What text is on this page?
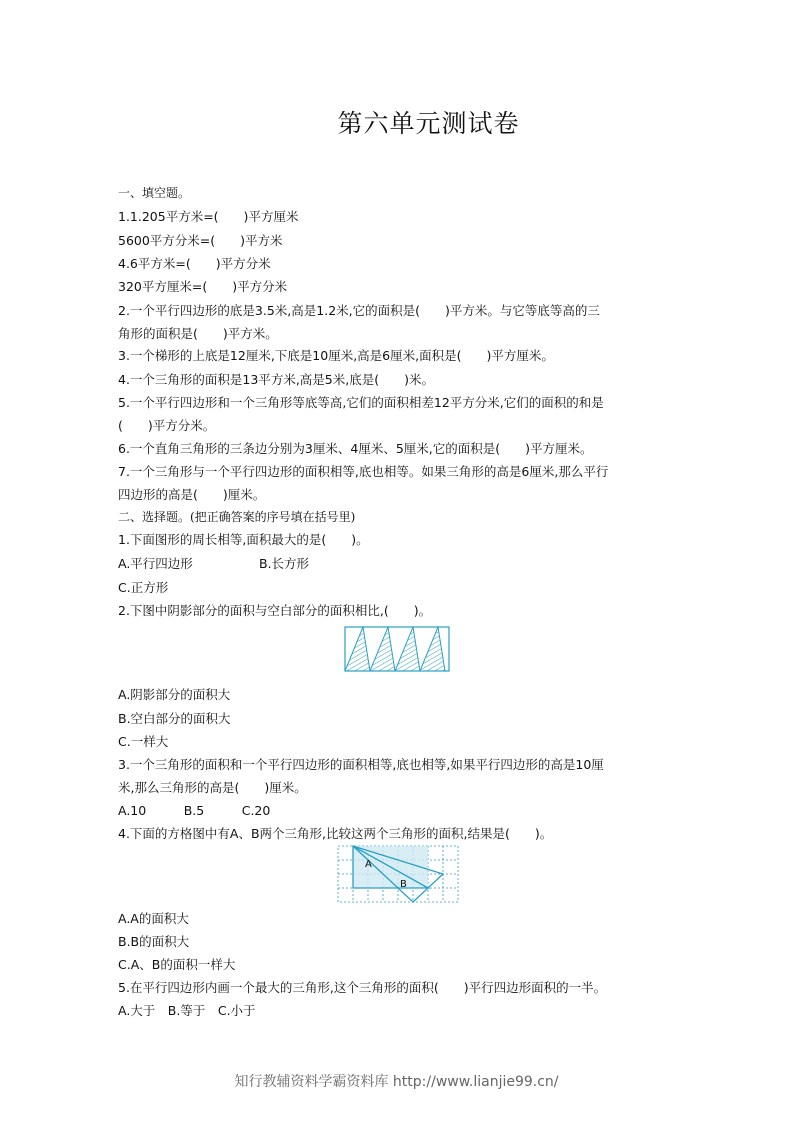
第六单元测试卷
一、填空题。
1.1.205平方米=(　　)平方厘米
5600平方分米=(　　)平方米
4.6平方米=(　　)平方分米
320平方厘米=(　　)平方分米
2.一个平行四边形的底是3.5米,高是1.2米,它的面积是(　　)平方米。与它等底等高的三
角形的面积是(　　)平方米。
3.一个梯形的上底是12厘米,下底是10厘米,高是6厘米,面积是(　　)平方厘米。
4.一个三角形的面积是13平方米,高是5米,底是(　　)米。
5.一个平行四边形和一个三角形等底等高,它们的面积相差12平方分米,它们的面积的和是
(　　)平方分米。
6.一个直角三角形的三条边分别为3厘米、4厘米、5厘米,它的面积是(　　)平方厘米。
7.一个三角形与一个平行四边形的面积相等,底也相等。如果三角形的高是6厘米,那么平行
四边形的高是(　　)厘米。
二、选择题。(把正确答案的序号填在括号里)
1.下面图形的周长相等,面积最大的是(　　)。
A.平行四边形	B.长方形
C.正方形
2.下图中阴影部分的面积与空白部分的面积相比,(　　)。
A.阴影部分的面积大
B.空白部分的面积大
C.一样大
3.一个三角形的面积和一个平行四边形的面积相等,底也相等,如果平行四边形的高是10厘
米,那么三角形的高是(　　)厘米。
A.10　　　B.5　　　C.20
4.下面的方格图中有A、B两个三角形,比较这两个三角形的面积,结果是(　　)。
A
B
A.A的面积大
B.B的面积大
C.A、B的面积一样大
5.在平行四边形内画一个最大的三角形,这个三角形的面积(　　)平行四边形面积的一半。
A.大于　B.等于　C.小于
知行教辅资料学霸资料库 http://www.lianjie99.cn/
